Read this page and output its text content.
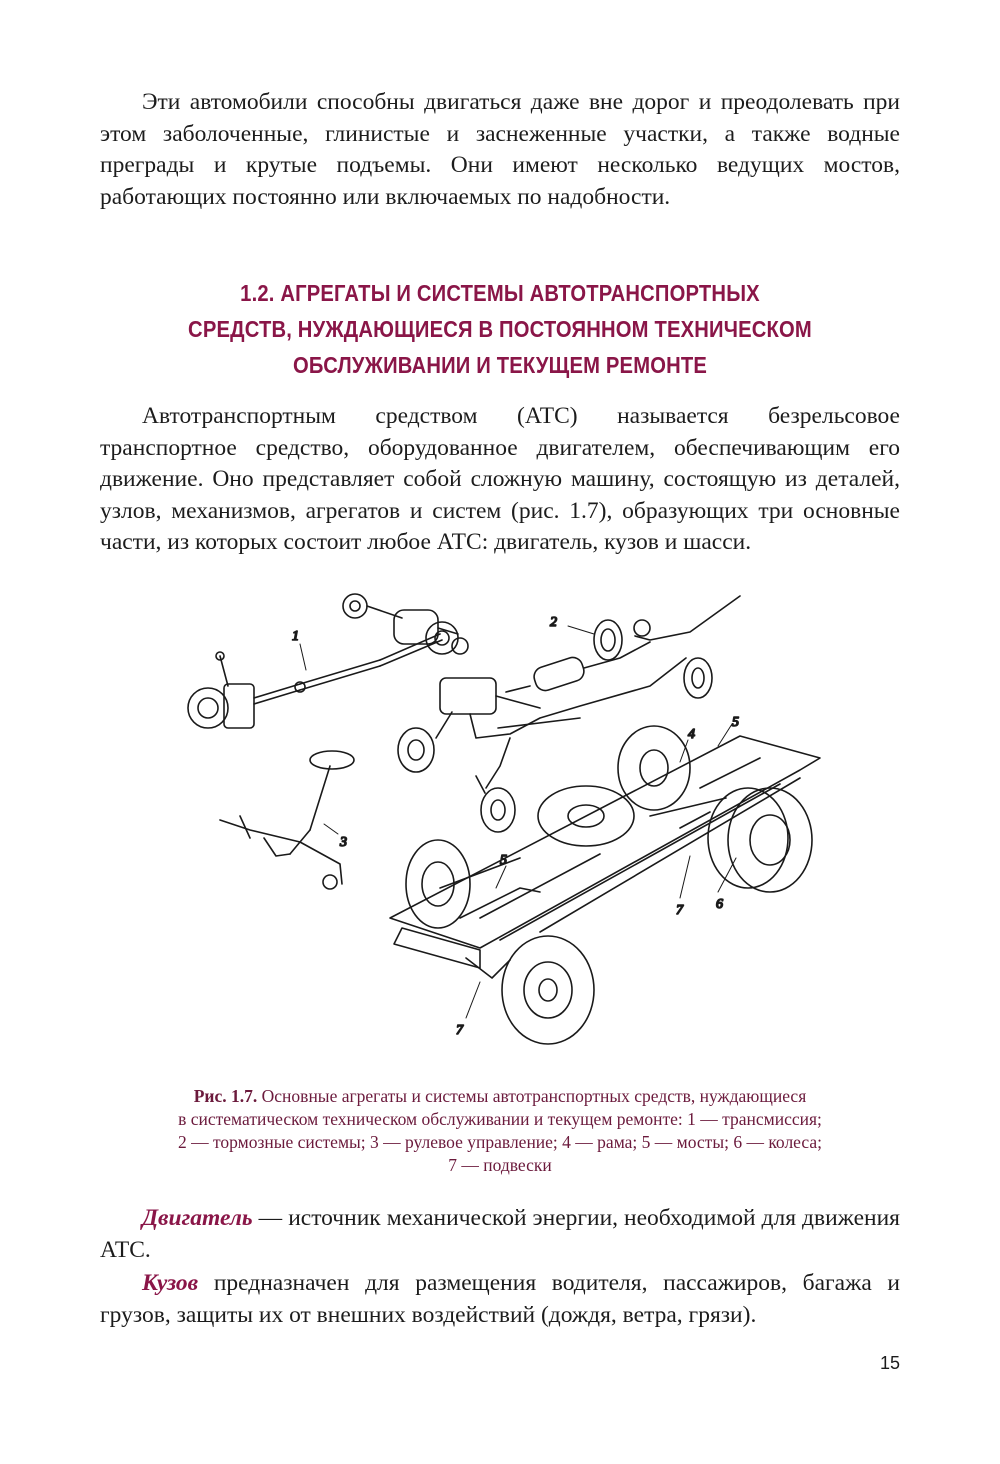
Эти автомобили способны двигаться даже вне дорог и преодолевать при этом заболоченные, глинистые и заснеженные участки, а также водные преграды и крутые подъемы. Они имеют несколько ведущих мостов, работающих постоянно или включаемых по надобности.

1.2. АГРЕГАТЫ И СИСТЕМЫ АВТОТРАНСПОРТНЫХ
СРЕДСТВ, НУЖДАЮЩИЕСЯ В ПОСТОЯННОМ ТЕХНИЧЕСКОМ
ОБСЛУЖИВАНИИ И ТЕКУЩЕМ РЕМОНТЕ

Автотранспортным средством (АТС) называется безрельсовое транспортное средство, оборудованное двигателем, обеспечивающим его движение. Оно представляет собой сложную машину, состоящую из деталей, узлов, механизмов, агрегатов и систем (рис. 1.7), образующих три основные части, из которых состоит любое АТС: двигатель, кузов и шасси.

1
2
3
4
5
5
6
7
7

Рис. 1.7. Основные агрегаты и системы автотранспортных средств, нуждающиеся
в систематическом техническом обслуживании и текущем ремонте: 1 — трансмиссия;
2 — тормозные системы; 3 — рулевое управление; 4 — рама; 5 — мосты; 6 — колеса;
7 — подвески

Двигатель — источник механической энергии, необходимой для движения АТС.

Кузов предназначен для размещения водителя, пассажиров, багажа и грузов, защиты их от внешних воздействий (дождя, ветра, грязи).

15
